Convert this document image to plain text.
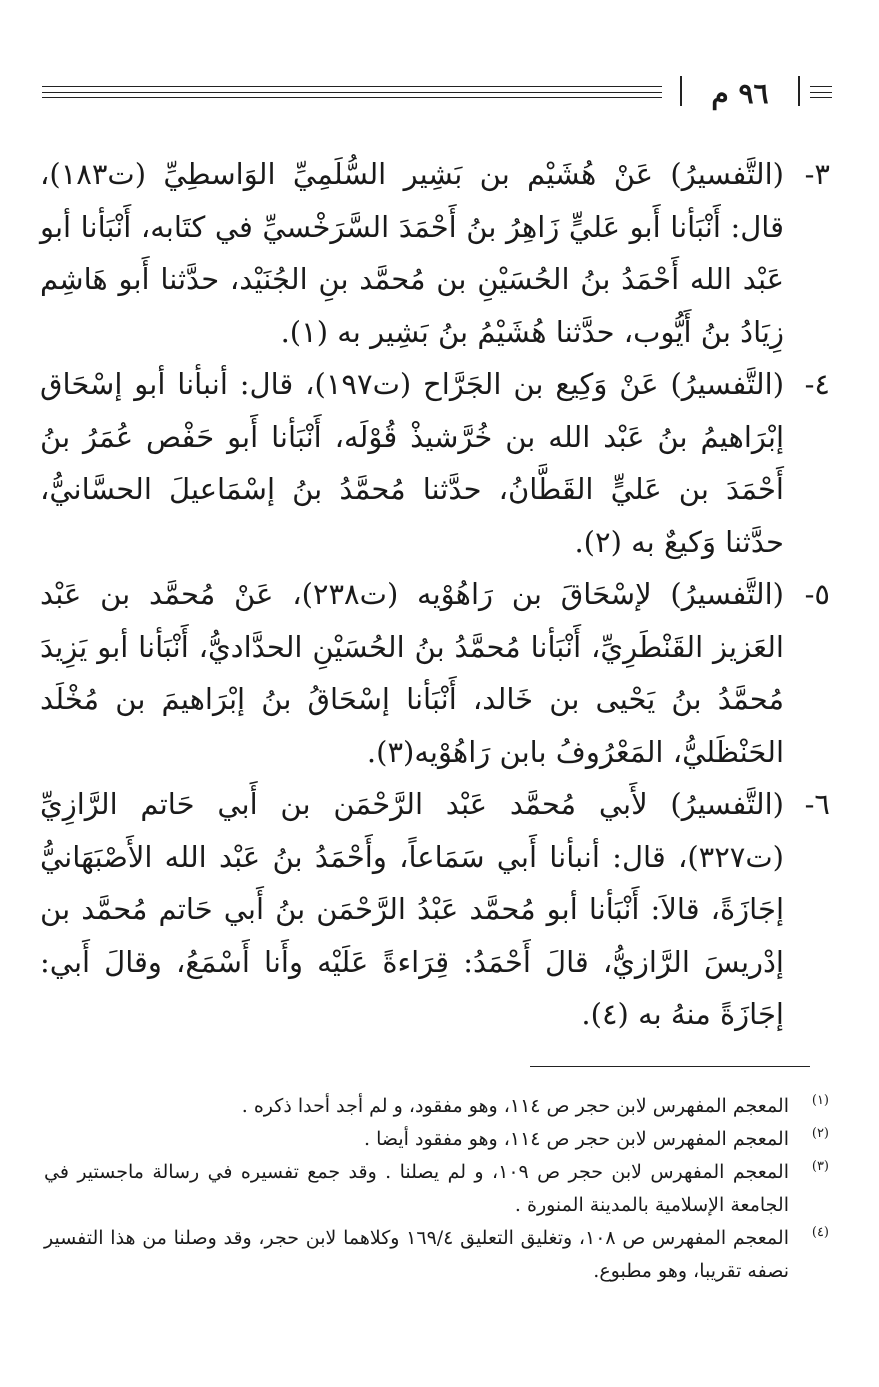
٩٦ م
٣-
(التَّفسيرُ) عَنْ هُشَيْم بن بَشِير السُّلَمِيِّ الوَاسطِيِّ (ت١٨٣)، قال: أَنْبَأنا أَبو عَليٍّ زَاهِرُ بنُ أَحْمَدَ السَّرَخْسيِّ في كتَابه، أَنْبَأنا أبو عَبْد الله أَحْمَدُ بنُ الحُسَيْنِ بن مُحمَّد بنِ الجُنَيْد، حدَّثنا أَبو هَاشِم زِيَادُ بنُ أَيُّوب، حدَّثنا هُشَيْمُ بنُ بَشِير به (١).
٤-
(التَّفسيرُ) عَنْ وَكِيع بن الجَرَّاح (ت١٩٧)، قال: أنبأنا أبو إسْحَاق إبْرَاهيمُ بنُ عَبْد الله بن خُرَّشيذْ قُوْلَه، أَنْبَأنا أَبو حَفْص عُمَرُ بنُ أَحْمَدَ بن عَليٍّ القَطَّانُ، حدَّثنا مُحمَّدُ بنُ إسْمَاعيلَ الحسَّانيُّ، حدَّثنا وَكيعٌ به (٢).
٥-
(التَّفسيرُ) لإسْحَاقَ بن رَاهُوْيه (ت٢٣٨)، عَنْ مُحمَّد بن عَبْد العَزيز القَنْطَرِيِّ، أَنْبَأنا مُحمَّدُ بنُ الحُسَيْنِ الحدَّاديُّ، أَنْبَأنا أبو يَزِيدَ مُحمَّدُ بنُ يَحْيى بن خَالد، أَنْبَأنا إسْحَاقُ بنُ إبْرَاهيمَ بن مُخْلَد الحَنْظَليُّ، المَعْرُوفُ بابن رَاهُوْيه(٣).
٦-
(التَّفسيرُ) لأَبي مُحمَّد عَبْد الرَّحْمَن بن أَبي حَاتم الرَّازِيِّ (ت٣٢٧)، قال: أنبأنا أَبي سَمَاعاً، وأَحْمَدُ بنُ عَبْد الله الأَصْبَهَانيُّ إجَازَةً، قالاَ: أَنْبَأنا أبو مُحمَّد عَبْدُ الرَّحْمَن بنُ أَبي حَاتم مُحمَّد بن إدْريسَ الرَّازيُّ، قالَ أَحْمَدُ: قِرَاءةً عَلَيْه وأَنا أَسْمَعُ، وقالَ أَبي: إجَازَةً منهُ به (٤).
(١)
المعجم المفهرس لابن حجر ص ١١٤، وهو مفقود، و لم أجد أحدا ذكره .
(٢)
المعجم المفهرس لابن حجر ص ١١٤، وهو مفقود أيضا .
(٣)
المعجم المفهرس لابن حجر ص ١٠٩، و لم يصلنا . وقد جمع تفسيره في رسالة ماجستير في الجامعة الإسلامية بالمدينة المنورة .
(٤)
المعجم المفهرس ص ١٠٨، وتغليق التعليق ١٦٩/٤ وكلاهما لابن حجر، وقد وصلنا من هذا التفسير نصفه تقريبا، وهو مطبوع.
